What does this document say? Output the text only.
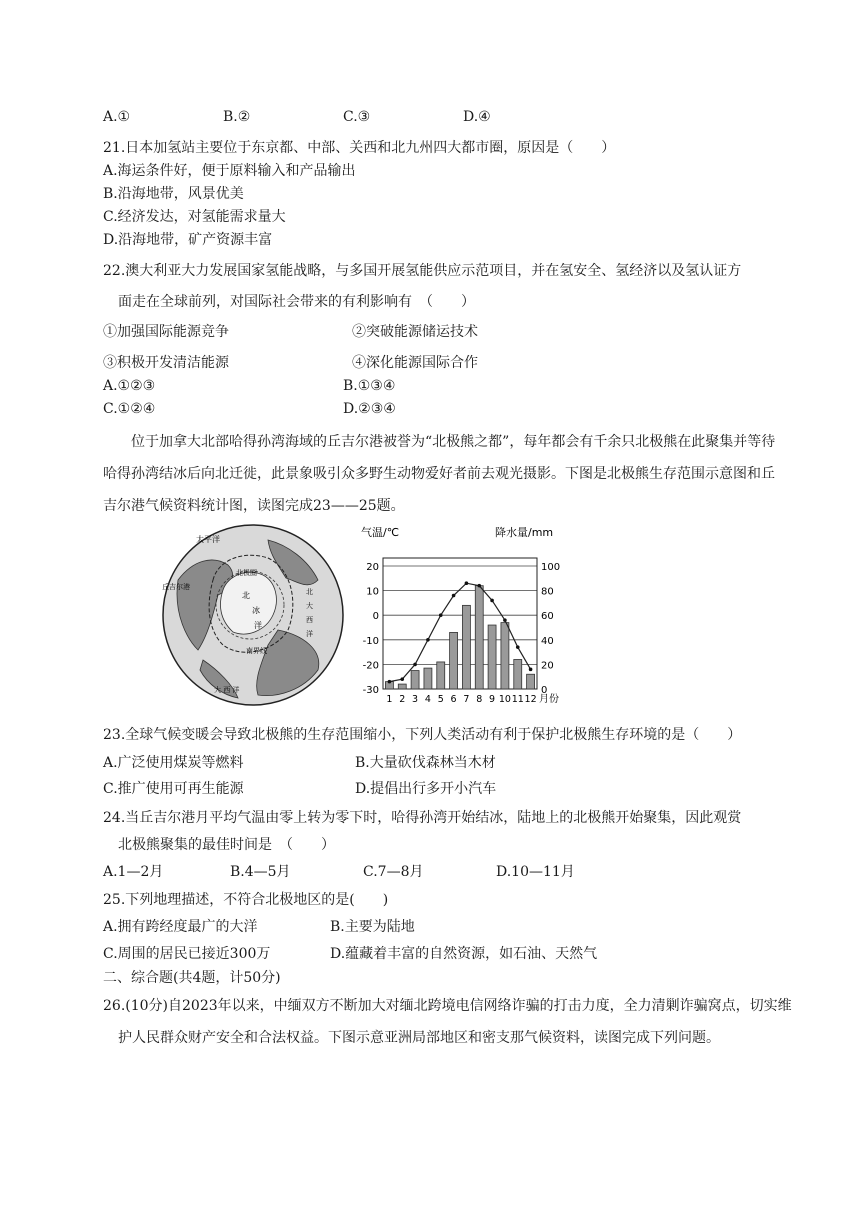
A.①	B.②	C.③	D.④
21.日本加氢站主要位于东京都、中部、关西和北九州四大都市圈，原因是（　　）
A.海运条件好，便于原料输入和产品输出
B.沿海地带，风景优美
C.经济发达，对氢能需求量大
D.沿海地带，矿产资源丰富
22.澳大利亚大力发展国家氢能战略，与多国开展氢能供应示范项目，并在氢安全、氢经济以及氢认证方
面走在全球前列，对国际社会带来的有利影响有　（　　）
①加强国际能源竞争	②突破能源储运技术
③积极开发清洁能源	④深化能源国际合作
A.①②③	B.①③④
C.①②④	D.②③④
位于加拿大北部哈得孙湾海域的丘吉尔港被誉为“北极熊之都”，每年都会有千余只北极熊在此聚集并等待哈得孙湾结冰后向北迁徙，此景象吸引众多野生动物爱好者前去观光摄影。下图是北极熊生存范围示意图和丘吉尔港气候资料统计图，读图完成23——25题。
太平洋
丘吉尔港
北极圈
北
冰
洋
北
大
西
洋
南界线
大 西 洋
气温/℃	降水量/mm
20
10
0
-10
-20
-30
100
80
60
40
20
0
1 2 3 4 5 6 7 8 9 10 11 12 月份
23.全球气候变暖会导致北极熊的生存范围缩小，下列人类活动有利于保护北极熊生存环境的是（　　）
A.广泛使用煤炭等燃料	B.大量砍伐森林当木材
C.推广使用可再生能源	D.提倡出行多开小汽车
24.当丘吉尔港月平均气温由零上转为零下时，哈得孙湾开始结冰，陆地上的北极熊开始聚集，因此观赏
北极熊聚集的最佳时间是　（　　）
A.1—2月	B.4—5月	C.7—8月	D.10—11月
25.下列地理描述，不符合北极地区的是(　　)
A.拥有跨经度最广的大洋	B.主要为陆地
C.周围的居民已接近300万	D.蕴藏着丰富的自然资源，如石油、天然气
二、综合题(共4题，计50分)
26.(10分)自2023年以来，中缅双方不断加大对缅北跨境电信网络诈骗的打击力度，全力清剿诈骗窝点，切实维护人民群众财产安全和合法权益。下图示意亚洲局部地区和密支那气候资料，读图完成下列问题。
